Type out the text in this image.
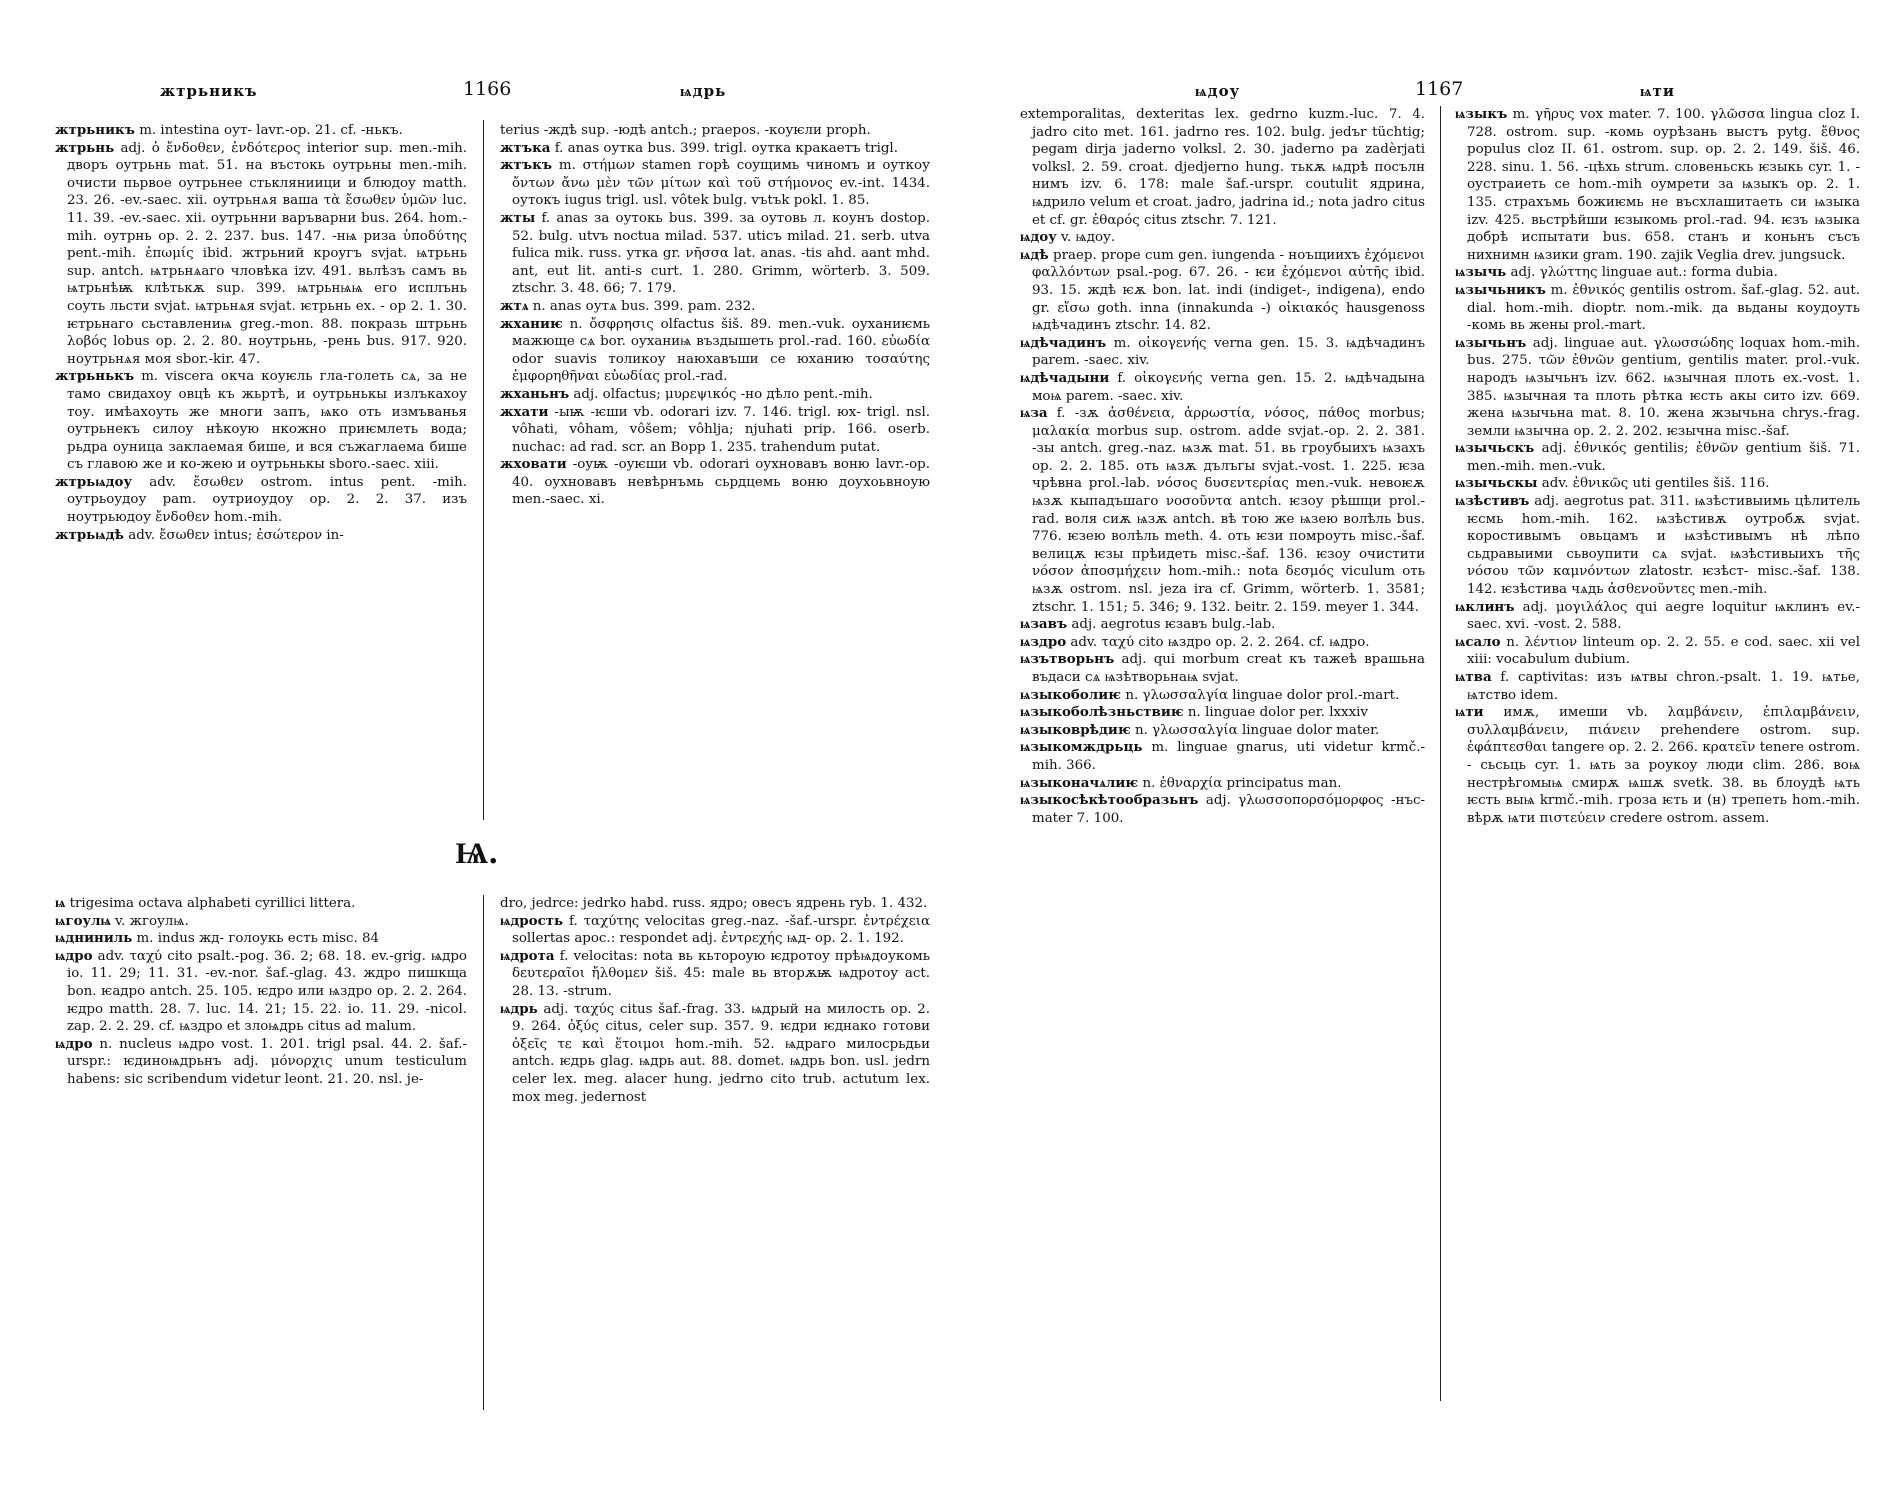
жтрьникъ	1166	ѩдрь

жтрьникъ m. intestina оут- lavr.-op. 21. cf. -нькъ.

жтрьнь adj. ὁ ἔνδοθεν, ἐνδότερος interior sup. men.-mih. дворъ оутрьнь mat. 51. на въстокь оутрьны men.-mih. очисти пьрвое оутрьнее стькляниици и блюдоу matth. 23. 26. -ev.-saec. xii. оутрьнѧя ваша τὰ ἔσωθεν ὑμῶν luc. 11. 39. -ev.-saec. xii. оутрьнни варъварни bus. 264. hom.-mih. оутрнь op. 2. 2. 237. bus. 147. -нѩ риза ὑποδύτης pent.-mih. ἐπωμίς ibid. жтрьний кроугъ svjat. ѩтрьнь sup. antch. ѩтрьнѧаго чловѣка izv. 491. вьлѣзъ самъ вь ѩтрьнѣѭ клѣтькѫ sup. 399. ѩтрьнѩѩ его исплънь соуть льсти svjat. ѩтрьнѧя svjat. ѥтрьнь ex. - op 2. 1. 30. ѥтрьнаго сьставлениѩ greg.-mon. 88. покразь штрьнь λοβός lobus op. 2. 2. 80. ноутрьнь, -рень bus. 917. 920. ноутрьнѧя моя sbor.-kir. 47.

жтрьнькъ m. viscera окча коуѥль гла-голеть сѧ, за не тамо свидахоу овцѣ къ жьртѣ, и оутрьнькы излъкахоу тоу. имѣахоуть же многи запъ, ѩко оть измъванья оутрьнекъ силоу нѣкоую нкожно приѥмлеть вода; рьдра оуница заклаемая бише, и вся съжаглаема бише съ главою же и ко-жею и оутрьнькы sboro.-saec. xiii.

жтрьѩдоу adv. ἔσωθεν ostrom. intus pent. -mih. оутрьоудоу pam. оутриоудоу op. 2. 2. 37. изъ ноутрьюдоу ἔνδοθεν hom.-mih.

жтрьѩдѣ adv. ἔσωθεν intus; ἐσώτερον in-

terius -ждѣ sup. -юдѣ antch.; praepos. -коуѥли proph.

жтъка f. anas оутка bus. 399. trigl. оутка кракаетъ trigl.

жтъкъ m. στήμων stamen горѣ соущимь чиномъ и оуткоу ὄντων ἄνω μὲν τῶν μίτων καὶ τοῦ στήμονος ev.-int. 1434. оутокъ iugus trigl. usl. vôtek bulg. vъtъk pokl. 1. 85.

жты f. anas за оутокь bus. 399. за оутовь л. коунъ dostop. 52. bulg. utvъ noctua milad. 537. uticъ milad. 21. serb. utva fulica mik. russ. утка gr. νῆσσα lat. anas. -tis ahd. aant mhd. ant, eut lit. anti-s curt. 1. 280. Grimm, wörterb. 3. 509. ztschr. 3. 48. 66; 7. 179.

жтѧ n. anas оутѧ bus. 399. pam. 232.

жханиѥ n. ὄσφρησις olfactus šiš. 89. men.-vuk. оуханиѥмь мажюще сѧ bor. оуханиѩ въздышеть prol.-rad. 160. εὐωδία odor suavis толикоу наюхавъши се юханию τοσαύτης ἐμφορηθῆναι εὐωδίας prol.-rad.

жханьнъ adj. olfactus; μυρεψικός -но дѣло pent.-mih.

жхати -ыѭ -ѥши vb. odorari izv. 7. 146. trigl. юх- trigl. nsl. vôhati, vôham, vôšem; vôhlja; njuhati prip. 166. oserb. nuchac: ad rad. scr. an Bopp 1. 235. trahendum putat.

жховати -оуѭ -оуѥши vb. odorari оухновавъ воню lavr.-op. 40. оухновавъ невѣрнъмь сьрдцемь воню доухоьвноую men.-saec. xi.

Ѩ.

ѩ trigesima octava alphabeti cyrillici littera.

ѩгоулѩ v. жгоулѩ.

ѩдниниль m. indus жд- голоукь есть misc. 84

ѩдро adv. ταχύ cito psalt.-pog. 36. 2; 68. 18. ev.-grig. ѩдро io. 11. 29; 11. 31. -ev.-nor. šaf.-glag. 43. ждро пишкща bon. ѥадро antch. 25. 105. ѥдро или ѩздро op. 2. 2. 264. ѥдро matth. 28. 7. luc. 14. 21; 15. 22. io. 11. 29. -nicol. zap. 2. 2. 29. cf. ѩздро et злоѩдрь citus ad malum.

ѩдро n. nucleus ѩдро vost. 1. 201. trigl psal. 44. 2. šaf.-urspr.: ѥдиноѩдрьнъ adj. μόνορχις unum testiculum habens: sic scribendum videtur leont. 21. 20. nsl. je-

dro, jedrce: jedrko habd. russ. ядро; овесъ ядрень ryb. 1. 432.

ѩдрость f. ταχύτης velocitas greg.-naz. -šaf.-urspr. ἐντρέχεια sollertas apoc.: respondet adj. ἐντρεχής ѩд- op. 2. 1. 192.

ѩдрота f. velocitas: nota вь кьтороую ѥдротоу прѣѩдоукомь δευτεραῖοι ἤλθομεν šiš. 45: male вь вторѫѭ ѩдротоу act. 28. 13. -strum.

ѩдрь adj. ταχύς citus šaf.-frag. 33. ѩдрый на милость op. 2. 9. 264. ὀξύς citus, celer sup. 357. 9. ѥдри ѥднако готови ὀξεῖς τε καὶ ἕτοιμοι hom.-mih. 52. ѩдраго милосрьдьи antch. ѥдрь glag. ѩдрь aut. 88. domet. ѩдрь bon. usl. jedrn celer lex. meg. alacer hung. jedrno cito trub. actutum lex. mox meg. jedernost

ѩдоу	1167	ѩти

extemporalitas, dexteritas lex. gedrno kuzm.-luc. 7. 4. jadro cito met. 161. jadrno res. 102. bulg. jedъr tüchtig; pegam dirja jaderno volksl. 2. 30. jaderno pa zadèrjati volksl. 2. 59. croat. djedjerno hung. тькѫ ѩдрѣ посълн нимъ izv. 6. 178: male šaf.-urspr. coutulit ядрина, ѩдрило velum et croat. jadro, jadrina id.; nota jadro citus et cf. gr. ἐθαρός citus ztschr. 7. 121.

ѩдоу v. ѩдоу.

ѩдѣ praep. prope cum gen. iungenda - ноъщиихъ ἐχόμενοι φαλλόντων psal.-pog. 67. 26. - ѥи ἐχόμενοι αὐτῆς ibid. 93. 15. ждѣ ѥѫ bon. lat. indi (indiget-, indigena), endo gr. εἴσω goth. inna (innakunda -) οἰκιακός hausgenoss ѩдѣчадинъ ztschr. 14. 82.

ѩдѣчадинъ m. οἰκογενής verna gen. 15. 3. ѩдѣчадинъ parem. -saec. xiv.

ѩдѣчадыни f. οἰκογενής verna gen. 15. 2. ѩдѣчадына моѩ parem. -saec. xiv.

ѩза f. -зѫ ἀσθένεια, ἀρρωστία, νόσος, πάθος morbus; μαλακία morbus sup. ostrom. adde svjat.-op. 2. 2. 381. -зы antch. greg.-naz. ѩзѫ mat. 51. вь гроубыихъ ѩзахъ op. 2. 2. 185. оть ѩзѫ дълъгы svjat.-vost. 1. 225. ѥза чрѣвна prol.-lab. νόσος δυσεντερίας men.-vuk. невоѥѫ ѩзѫ кыпадъшаго νοσοῦντα antch. ѥзоу рѣшщи prol.-rad. воля сиѫ ѩзѫ antch. вѣ тою же ѩзею волѣль bus. 776. ѥзею волѣль meth. 4. оть ѥзи помроуть misc.-šaf. велицѫ ѥзы прѣидеть misc.-šaf. 136. ѥзоу очистити νόσον ἀποσμήχειν hom.-mih.: nota δεσμός viculum оть ѩзѫ ostrom. nsl. jeza ira cf. Grimm, wörterb. 1. 3581; ztschr. 1. 151; 5. 346; 9. 132. beitr. 2. 159. meyer 1. 344.

ѩзавъ adj. aegrotus ѥзавъ bulg.-lab.

ѩздро adv. ταχύ cito ѩздро op. 2. 2. 264. cf. ѩдро.

ѩзътворьнъ adj. qui morbum creat къ тажеѣ врашьна въдаси сѧ ѩзѣтворьнаѩ svjat.

ѩзыкоболиѥ n. γλωσσαλγία linguae dolor prol.-mart.

ѩзыкоболѣзньствиѥ n. linguae dolor per. lxxxiv

ѩзыковрѣдиѥ n. γλωσσαλγία linguae dolor mater.

ѩзыкомждрьць m. linguae gnarus, uti videtur krmč.-mih. 366.

ѩзыконачѧлиѥ n. ἐθναρχία principatus man.

ѩзыкосѣкѣтообразьнъ adj. γλωσσοπορσόμορφος -нъс- mater 7. 100.

ѩзыкъ m. γῆρυς vox mater. 7. 100. γλῶσσα lingua cloz I. 728. ostrom. sup. -комь оурѣзань выстъ pytg. ἔθνος populus cloz II. 61. ostrom. sup. op. 2. 2. 149. šiš. 46. 228. sinu. 1. 56. -цѣхь strum. словеньскь ѥзыкь cyr. 1. - оустраиеть се hom.-mih оумрети за ѩзыкъ op. 2. 1. 135. страхъмь божиѥмь не въсхлашитаеть си ѩзыка izv. 425. вьстрѣйши ѥзыкомь prol.-rad. 94. ѥзъ ѩзыка добрѣ испытати bus. 658. станъ и коньнъ съсъ нихнимн ѩзики gram. 190. zajik Veglia drev. jungsuck.

ѩзычь adj. γλώττης linguae aut.: forma dubia.

ѩзычьникъ m. ἐθνικός gentilis ostrom. šaf.-glag. 52. aut. dial. hom.-mih. dioptr. nom.-mik. да вьданы коудоуть -комь вь жены prol.-mart.

ѩзычьнъ adj. linguae aut. γλωσσώδης loquax hom.-mih. bus. 275. τῶν ἐθνῶν gentium, gentilis mater. prol.-vuk. народъ ѩзычьнъ izv. 662. ѩзычная плоть ex.-vost. 1. 385. ѩзычная та плоть рѣтка ѥсть акы сито izv. 669. жена ѩзычьна mat. 8. 10. жена жзычьна chrys.-frag. земли ѩзычна op. 2. 2. 202. ѥзычна misc.-šaf.

ѩзычьскъ adj. ἐθνικός gentilis; ἐθνῶν gentium šiš. 71. men.-mih. men.-vuk.

ѩзычьскы adv. ἐθνικῶς uti gentiles šiš. 116.

ѩзѣстивъ adj. aegrotus pat. 311. ѩзѣстивыимь цѣлитель ѥсмь hom.-mih. 162. ѩзѣстивѫ оутробѫ svjat. коростивымъ овьцамъ и ѩзѣстивымъ нѣ лѣпо сьдравыими сьвоупити сѧ svjat. ѩзѣстивыихъ τῆς νόσου τῶν καμνόντων zlatostr. ѥзѣст- misc.-šaf. 138. 142. ѥзѣстива чѧдь ἀσθενοῦντες men.-mih.

ѩклинъ adj. μογιλάλος qui aegre loquitur ѩклинъ ev.-saec. xvi. -vost. 2. 588.

ѩсало n. λέντιον linteum op. 2. 2. 55. e cod. saec. xii vel xiii: vocabulum dubium.

ѩтва f. captivitas: изъ ѩтвы chron.-psalt. 1. 19. ѩтье, ѩтство idem.

ѩти имѫ, имеши vb. λαμβάνειν, ἐπιλαμβάνειν, συλλαμβάνειν, πιάνειν prehendere ostrom. sup. ἐφάπτεσθαι tangere op. 2. 2. 266. κρατεῖν tenere ostrom. - сьсьць cyr. 1. ѩть за роукоу люди clim. 286. воѩ нестрѣгомыѩ смирѫ ѩшѫ svetk. 38. вь блоудѣ ѩть ѥсть выѩ krmč.-mih. гроза ѥть и (н) трепеть hom.-mih. вѣрѫ ѩти πιστεύειν credere ostrom. assem.
